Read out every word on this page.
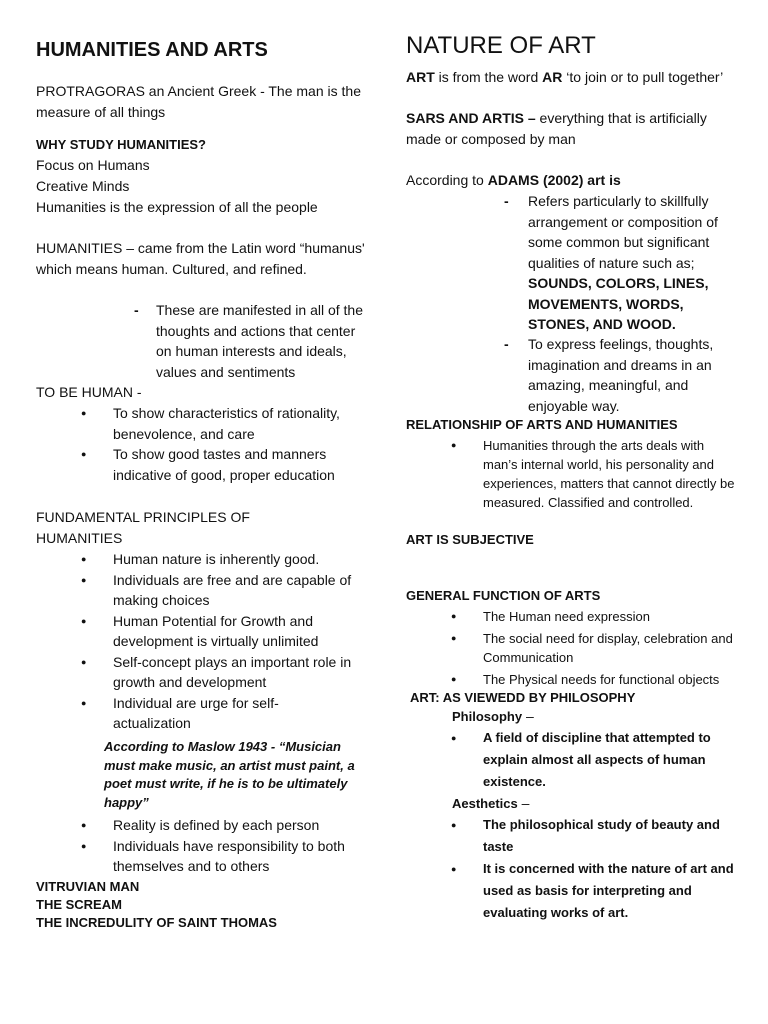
HUMANITIES AND ARTS

PROTRAGORAS an Ancient Greek - The man is the measure of all things

WHY STUDY HUMANITIES?

Focus on Humans

Creative Minds

Humanities is the expression of all the people

HUMANITIES – came from the Latin word “humanus' which means human. Cultured, and refined.

- These are manifested in all of the thoughts and actions that center on human interests and ideals, values and sentiments

TO BE HUMAN -

● To show characteristics of rationality, benevolence, and care
● To show good tastes and manners indicative of good, proper education

FUNDAMENTAL PRINCIPLES OF HUMANITIES

● Human nature is inherently good.
● Individuals are free and are capable of making choices
● Human Potential for Growth and development is virtually unlimited
● Self-concept plays an important role in growth and development
● Individual are urge for self-actualization

According to Maslow 1943 - “Musician must make music, an artist must paint, a poet must write, if he is to be ultimately happy”

● Reality is defined by each person
● Individuals have responsibility to both themselves and to others

VITRUVIAN MAN

THE SCREAM

THE INCREDULITY OF SAINT THOMAS

NATURE OF ART

ART is from the word AR ‘to join or to pull together’

SARS AND ARTIS – everything that is artificially made or composed by man

According to ADAMS (2002) art is

- Refers particularly to skillfully arrangement or composition of some common but significant qualities of nature such as;
SOUNDS, COLORS, LINES, MOVEMENTS, WORDS, STONES, AND WOOD.
- To express feelings, thoughts, imagination and dreams in an amazing, meaningful, and enjoyable way.

RELATIONSHIP OF ARTS AND HUMANITIES

● Humanities through the arts deals with man’s internal world, his personality and experiences, matters that cannot directly be measured. Classified and controlled.

ART IS SUBJECTIVE

GENERAL FUNCTION OF ARTS

● The Human need expression
● The social need for display, celebration and Communication
● The Physical needs for functional objects

ART: AS VIEWEDD BY PHILOSOPHY

Philosophy –

● A field of discipline that attempted to explain almost all aspects of human existence.

Aesthetics –

● The philosophical study of beauty and taste
● It is concerned with the nature of art and used as basis for interpreting and evaluating works of art.
